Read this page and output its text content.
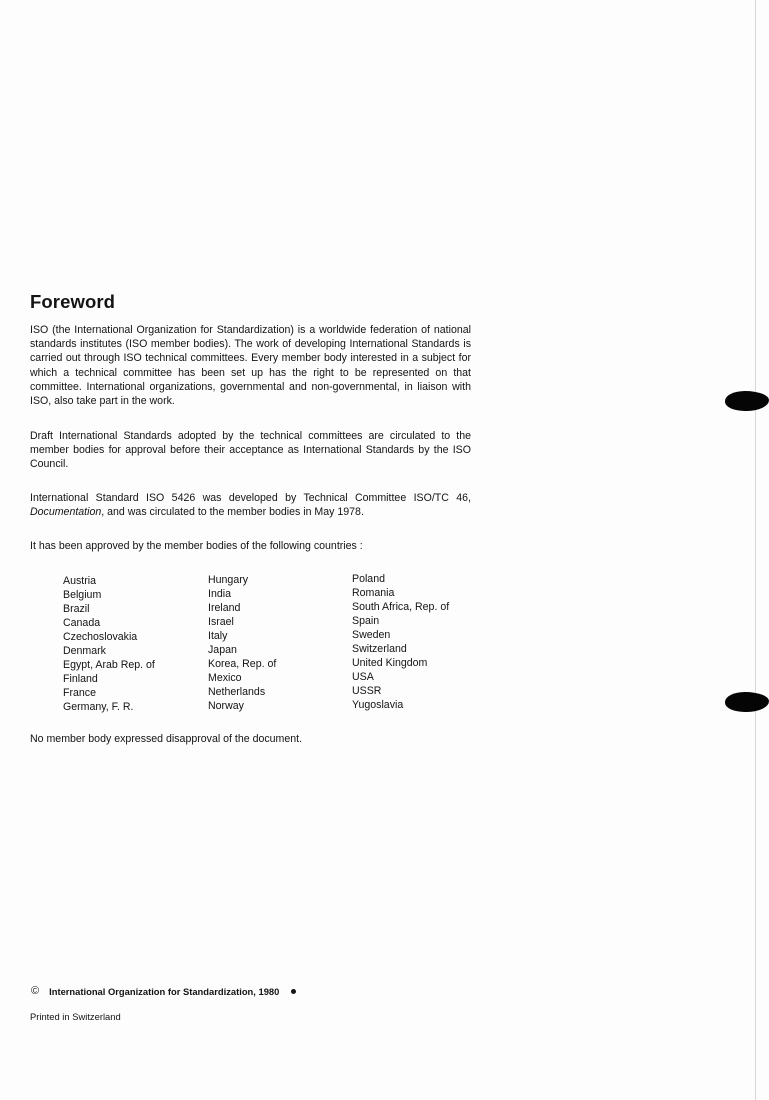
Foreword
ISO (the International Organization for Standardization) is a worldwide federation of national standards institutes (ISO member bodies). The work of developing International Standards is carried out through ISO technical committees. Every member body interested in a subject for which a technical committee has been set up has the right to be represented on that committee. International organizations, governmental and non-governmental, in liaison with ISO, also take part in the work.
Draft International Standards adopted by the technical committees are circulated to the member bodies for approval before their acceptance as International Standards by the ISO Council.
International Standard ISO 5426 was developed by Technical Committee ISO/TC 46, Documentation, and was circulated to the member bodies in May 1978.
It has been approved by the member bodies of the following countries :
Austria
Belgium
Brazil
Canada
Czechoslovakia
Denmark
Egypt, Arab Rep. of
Finland
France
Germany, F. R.
Hungary
India
Ireland
Israel
Italy
Japan
Korea, Rep. of
Mexico
Netherlands
Norway
Poland
Romania
South Africa, Rep. of
Spain
Sweden
Switzerland
United Kingdom
USA
USSR
Yugoslavia
No member body expressed disapproval of the document.
© International Organization for Standardization, 1980
Printed in Switzerland
